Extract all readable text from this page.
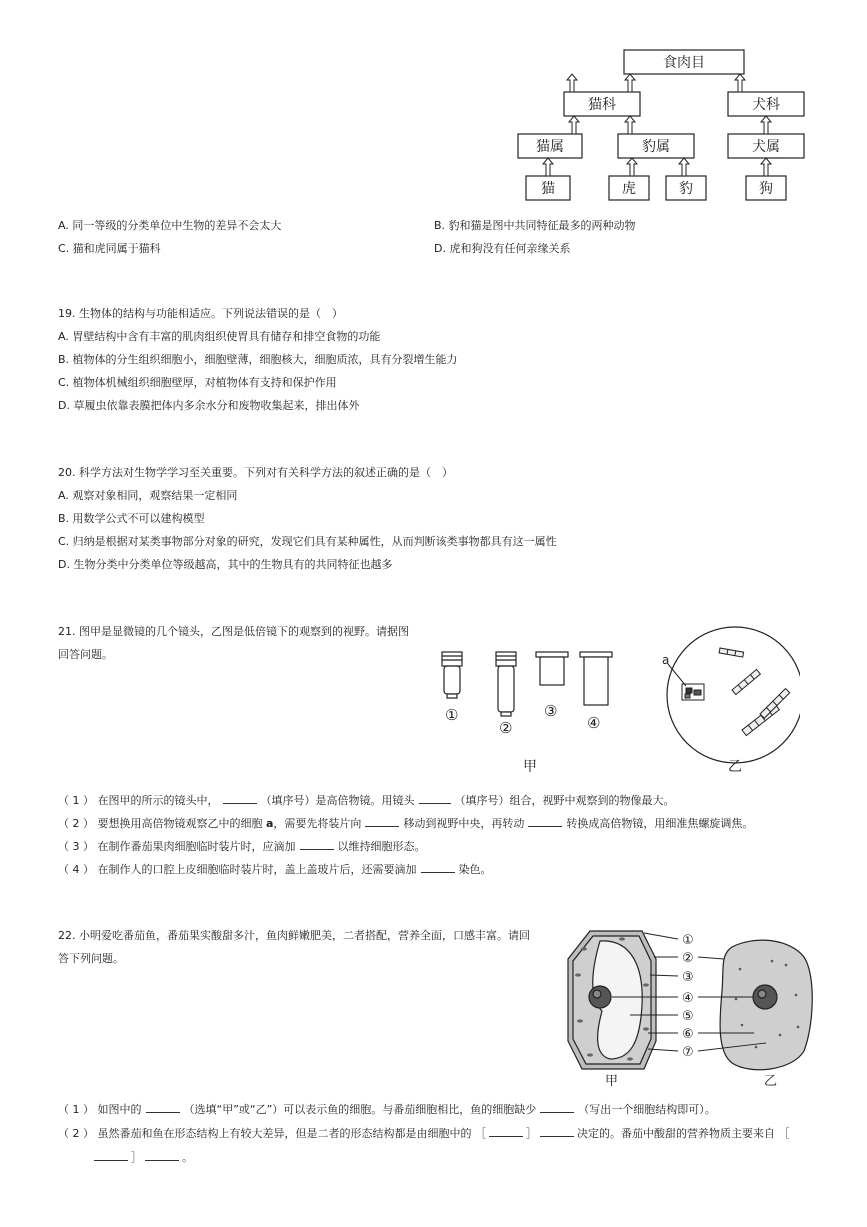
食肉目
猫科	犬科
猫属	豹属	犬属
猫	虎	豹	狗
A. 同一等级的分类单位中生物的差异不会太大	B. 豹和猫是图中共同特征最多的两种动物
C. 猫和虎同属于猫科	D. 虎和狗没有任何亲缘关系
19. 生物体的结构与功能相适应。下列说法错误的是（　）
A. 胃壁结构中含有丰富的肌肉组织使胃具有储存和排空食物的功能
B. 植物体的分生组织细胞小，细胞壁薄，细胞核大，细胞质浓，具有分裂增生能力
C. 植物体机械组织细胞壁厚，对植物体有支持和保护作用
D. 草履虫依靠表膜把体内多余水分和废物收集起来，排出体外
20. 科学方法对生物学学习至关重要。下列对有关科学方法的叙述正确的是（　）
A. 观察对象相同，观察结果一定相同
B. 用数学公式不可以建构模型
C. 归纳是根据对某类事物部分对象的研究，发现它们具有某种属性，从而判断该类事物都具有这一属性
D. 生物分类中分类单位等级越高，其中的生物具有的共同特征也越多
21. 图甲是显微镜的几个镜头，乙图是低倍镜下的观察到的视野。请据图
回答问题。
①
②
③
④
甲	乙
a
（ 1 ） 在图甲的所示的镜头中，	（填序号）是高倍物镜。用镜头	（填序号）组合，视野中观察到的物像最大。
（ 2 ） 要想换用高倍物镜观察乙中的细胞 a，需要先将装片向	移动到视野中央，再转动	转换成高倍物镜，用细准焦螺旋调焦。
（ 3 ） 在制作番茄果肉细胞临时装片时，应滴加	以维持细胞形态。
（ 4 ） 在制作人的口腔上皮细胞临时装片时，盖上盖玻片后，还需要滴加	染色。
22. 小明爱吃番茄鱼，番茄果实酸甜多汁，鱼肉鲜嫩肥美，二者搭配，营养全面，口感丰富。请回
答下列问题。
①
②
③
④
⑤
⑥
⑦
甲	乙
（ 1 ） 如图中的	（选填“甲”或“乙”）可以表示鱼的细胞。与番茄细胞相比，鱼的细胞缺少	（写出一个细胞结构即可）。
（ 2 ） 虽然番茄和鱼在形态结构上有较大差异，但是二者的形态结构都是由细胞中的 ［	］	决定的。番茄中酸甜的营养物质主要来自 ［
］	。
